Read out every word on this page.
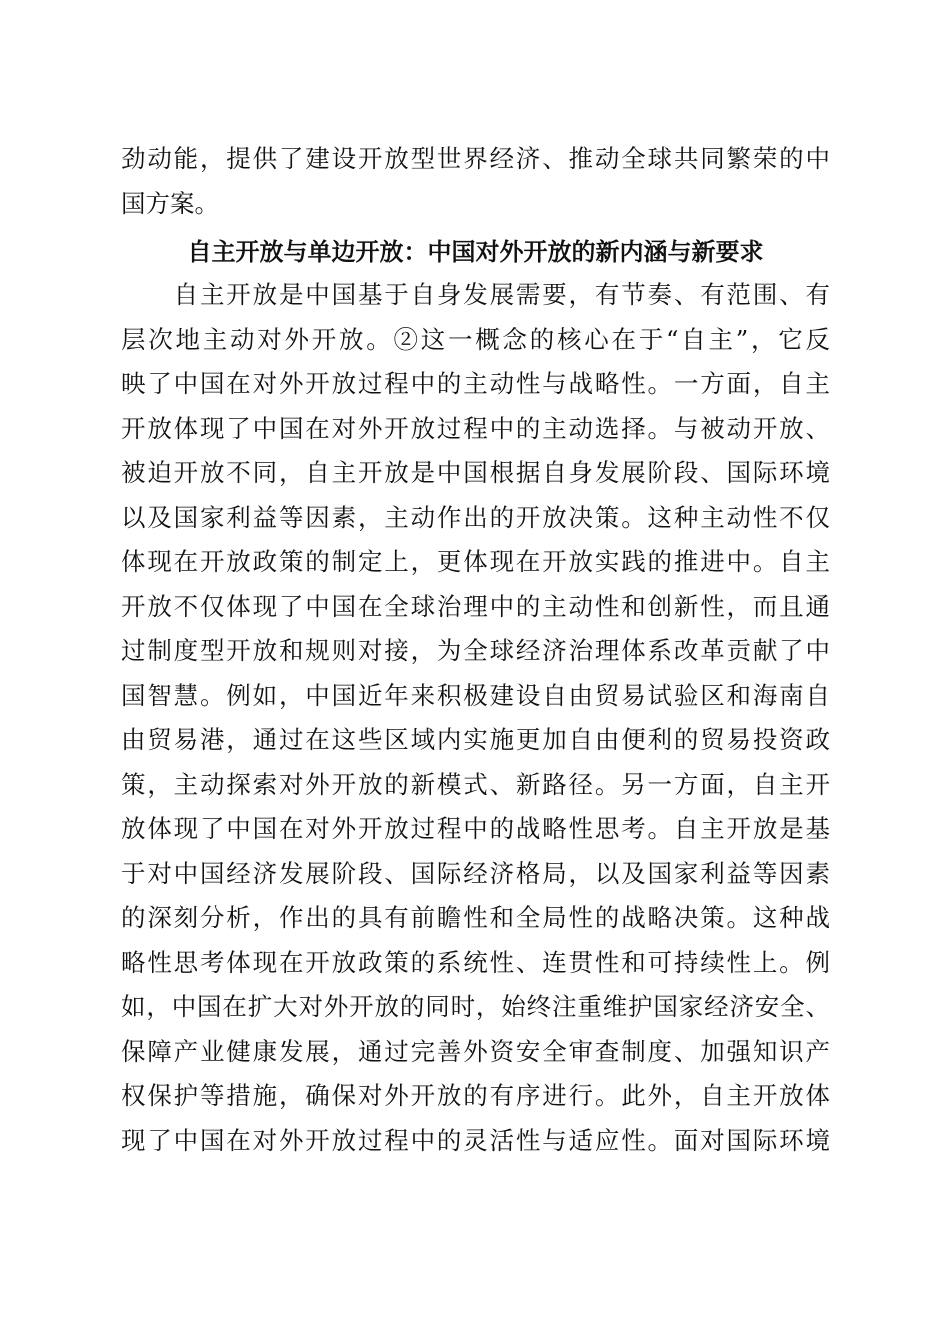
劲动能，提供了建设开放型世界经济、推动全球共同繁荣的中
国方案。
自主开放与单边开放：中国对外开放的新内涵与新要求
　　自主开放是中国基于自身发展需要，有节奏、有范围、有
层次地主动对外开放。②这一概念的核心在于“自主”，它反
映了中国在对外开放过程中的主动性与战略性。一方面，自主
开放体现了中国在对外开放过程中的主动选择。与被动开放、
被迫开放不同，自主开放是中国根据自身发展阶段、国际环境
以及国家利益等因素，主动作出的开放决策。这种主动性不仅
体现在开放政策的制定上，更体现在开放实践的推进中。自主
开放不仅体现了中国在全球治理中的主动性和创新性，而且通
过制度型开放和规则对接，为全球经济治理体系改革贡献了中
国智慧。例如，中国近年来积极建设自由贸易试验区和海南自
由贸易港，通过在这些区域内实施更加自由便利的贸易投资政
策，主动探索对外开放的新模式、新路径。另一方面，自主开
放体现了中国在对外开放过程中的战略性思考。自主开放是基
于对中国经济发展阶段、国际经济格局，以及国家利益等因素
的深刻分析，作出的具有前瞻性和全局性的战略决策。这种战
略性思考体现在开放政策的系统性、连贯性和可持续性上。例
如，中国在扩大对外开放的同时，始终注重维护国家经济安全、
保障产业健康发展，通过完善外资安全审查制度、加强知识产
权保护等措施，确保对外开放的有序进行。此外，自主开放体
现了中国在对外开放过程中的灵活性与适应性。面对国际环境
